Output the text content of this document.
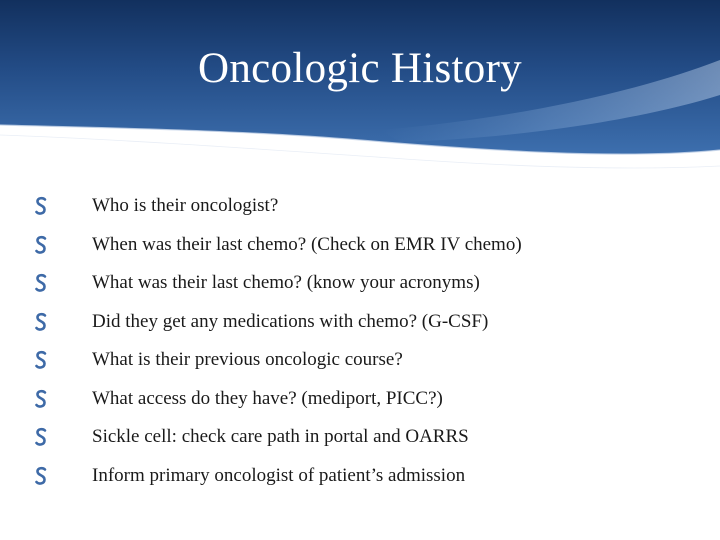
Oncologic History
Who is their oncologist?
When was their last chemo? (Check on EMR IV chemo)
What was their last chemo? (know your acronyms)
Did they get any medications with chemo? (G-CSF)
What is their previous oncologic course?
What access do they have? (mediport, PICC?)
Sickle cell: check care path in portal and OARRS
Inform primary oncologist of patient’s admission
